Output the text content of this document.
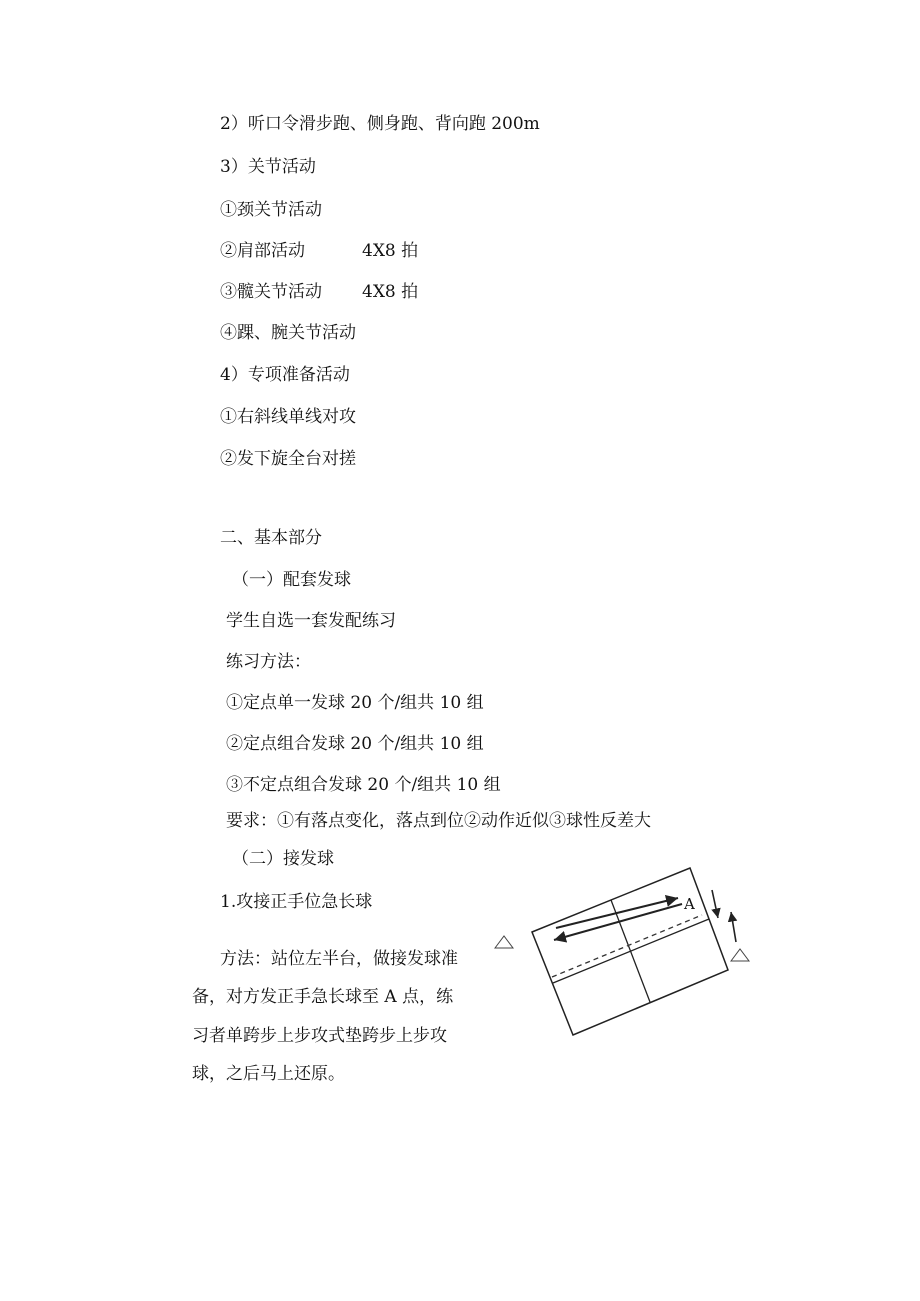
2）听口令滑步跑、侧身跑、背向跑 200m
3）关节活动
①颈关节活动
②肩部活动	4X8 拍
③髋关节活动 4X8 拍
④踝、腕关节活动
4）专项准备活动
①右斜线单线对攻
②发下旋全台对搓
二、基本部分
（一）配套发球
学生自选一套发配练习
练习方法：
①定点单一发球 20 个/组共 10 组
②定点组合发球 20 个/组共 10 组
③不定点组合发球 20 个/组共 10 组
要求：①有落点变化，落点到位②动作近似③球性反差大
（二）接发球
1.攻接正手位急长球
方法：站位左半台，做接发球准
备，对方发正手急长球至 A 点，练
习者单跨步上步攻式垫跨步上步攻
球，之后马上还原。
A
